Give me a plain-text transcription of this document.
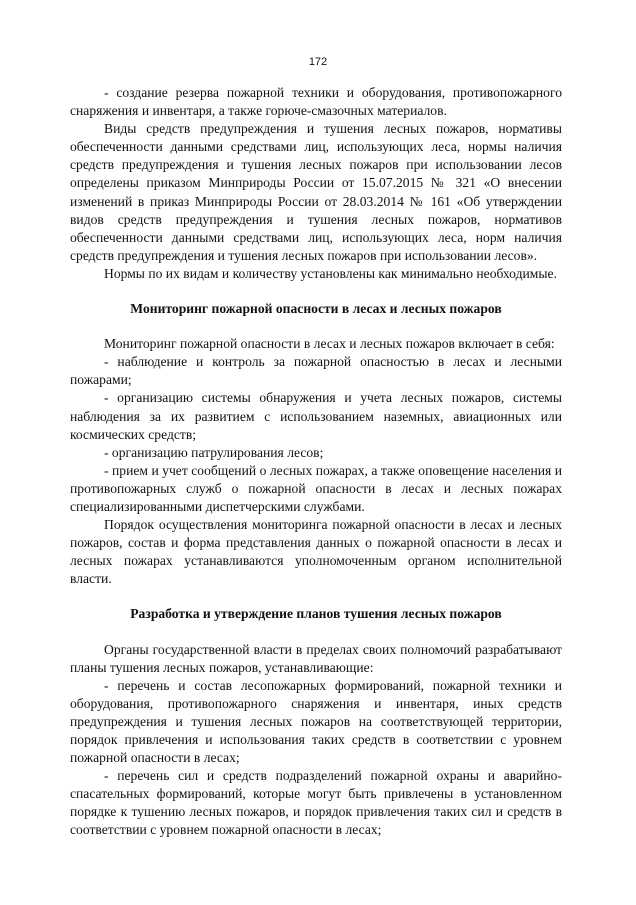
172

- создание резерва пожарной техники и оборудования, противопожарного снаряжения и инвентаря, а также горюче-смазочных материалов.

Виды средств предупреждения и тушения лесных пожаров, нормативы обеспеченности данными средствами лиц, использующих леса, нормы наличия средств предупреждения и тушения лесных пожаров при использовании лесов определены приказом Минприроды России от 15.07.2015 № 321 «О внесении изменений в приказ Минприроды России от 28.03.2014 № 161 «Об утверждении видов средств предупреждения и тушения лесных пожаров, нормативов обеспеченности данными средствами лиц, использующих леса, норм наличия средств предупреждения и тушения лесных пожаров при использовании лесов».

Нормы по их видам и количеству установлены как минимально необходимые.

Мониторинг пожарной опасности в лесах и лесных пожаров

Мониторинг пожарной опасности в лесах и лесных пожаров включает в себя:

- наблюдение и контроль за пожарной опасностью в лесах и лесными пожарами;

- организацию системы обнаружения и учета лесных пожаров, системы наблюдения за их развитием с использованием наземных, авиационных или космических средств;

- организацию патрулирования лесов;

- прием и учет сообщений о лесных пожарах, а также оповещение населения и противопожарных служб о пожарной опасности в лесах и лесных пожарах специализированными диспетчерскими службами.

Порядок осуществления мониторинга пожарной опасности в лесах и лесных пожаров, состав и форма представления данных о пожарной опасности в лесах и лесных пожарах устанавливаются уполномоченным органом исполнительной власти.

Разработка и утверждение планов тушения лесных пожаров

Органы государственной власти в пределах своих полномочий разрабатывают планы тушения лесных пожаров, устанавливающие:

- перечень и состав лесопожарных формирований, пожарной техники и оборудования, противопожарного снаряжения и инвентаря, иных средств предупреждения и тушения лесных пожаров на соответствующей территории, порядок привлечения и использования таких средств в соответствии с уровнем пожарной опасности в лесах;

- перечень сил и средств подразделений пожарной охраны и аварийно-спасательных формирований, которые могут быть привлечены в установленном порядке к тушению лесных пожаров, и порядок привлечения таких сил и средств в соответствии с уровнем пожарной опасности в лесах;
